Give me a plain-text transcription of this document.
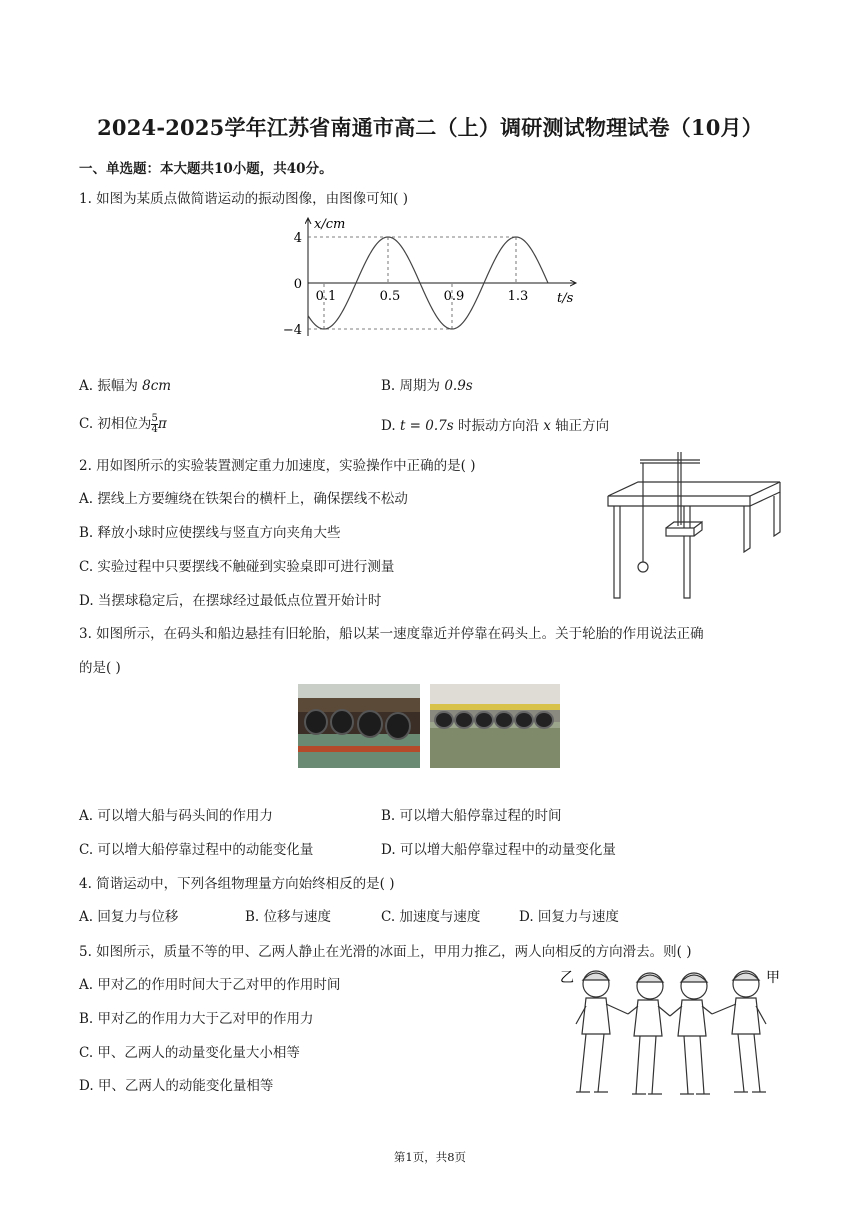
2024-2025学年江苏省南通市高二（上）调研测试物理试卷（10月）
一、单选题：本大题共10小题，共40分。
1. 如图为某质点做简谐运动的振动图像，由图像可知( )
0.1	0.5	0.9	1.3
4
0
−4
x/cm
t/s
A. 振幅为 8cm	B. 周期为 0.9s
C. 初相位为 $\frac{5}{4}$ π	D. t = 0.7s 时振动方向沿 x 轴正方向
2. 用如图所示的实验装置测定重力加速度，实验操作中正确的是( )
A. 摆线上方要缠绕在铁架台的横杆上，确保摆线不松动
B. 释放小球时应使摆线与竖直方向夹角大些
C. 实验过程中只要摆线不触碰到实验桌即可进行测量
D. 当摆球稳定后，在摆球经过最低点位置开始计时
3. 如图所示，在码头和船边悬挂有旧轮胎，船以某一速度靠近并停靠在码头上。关于轮胎的作用说法正确
的是( )
A. 可以增大船与码头间的作用力	B. 可以增大船停靠过程的时间
C. 可以增大船停靠过程中的动能变化量	D. 可以增大船停靠过程中的动量变化量
4. 简谐运动中，下列各组物理量方向始终相反的是( )
A. 回复力与位移	B. 位移与速度	C. 加速度与速度	D. 回复力与速度
5. 如图所示，质量不等的甲、乙两人静止在光滑的冰面上，甲用力推乙，两人向相反的方向滑去。则( )
A. 甲对乙的作用时间大于乙对甲的作用时间
B. 甲对乙的作用力大于乙对甲的作用力
C. 甲、乙两人的动量变化量大小相等
D. 甲、乙两人的动能变化量相等
乙	甲
第1页，共8页
